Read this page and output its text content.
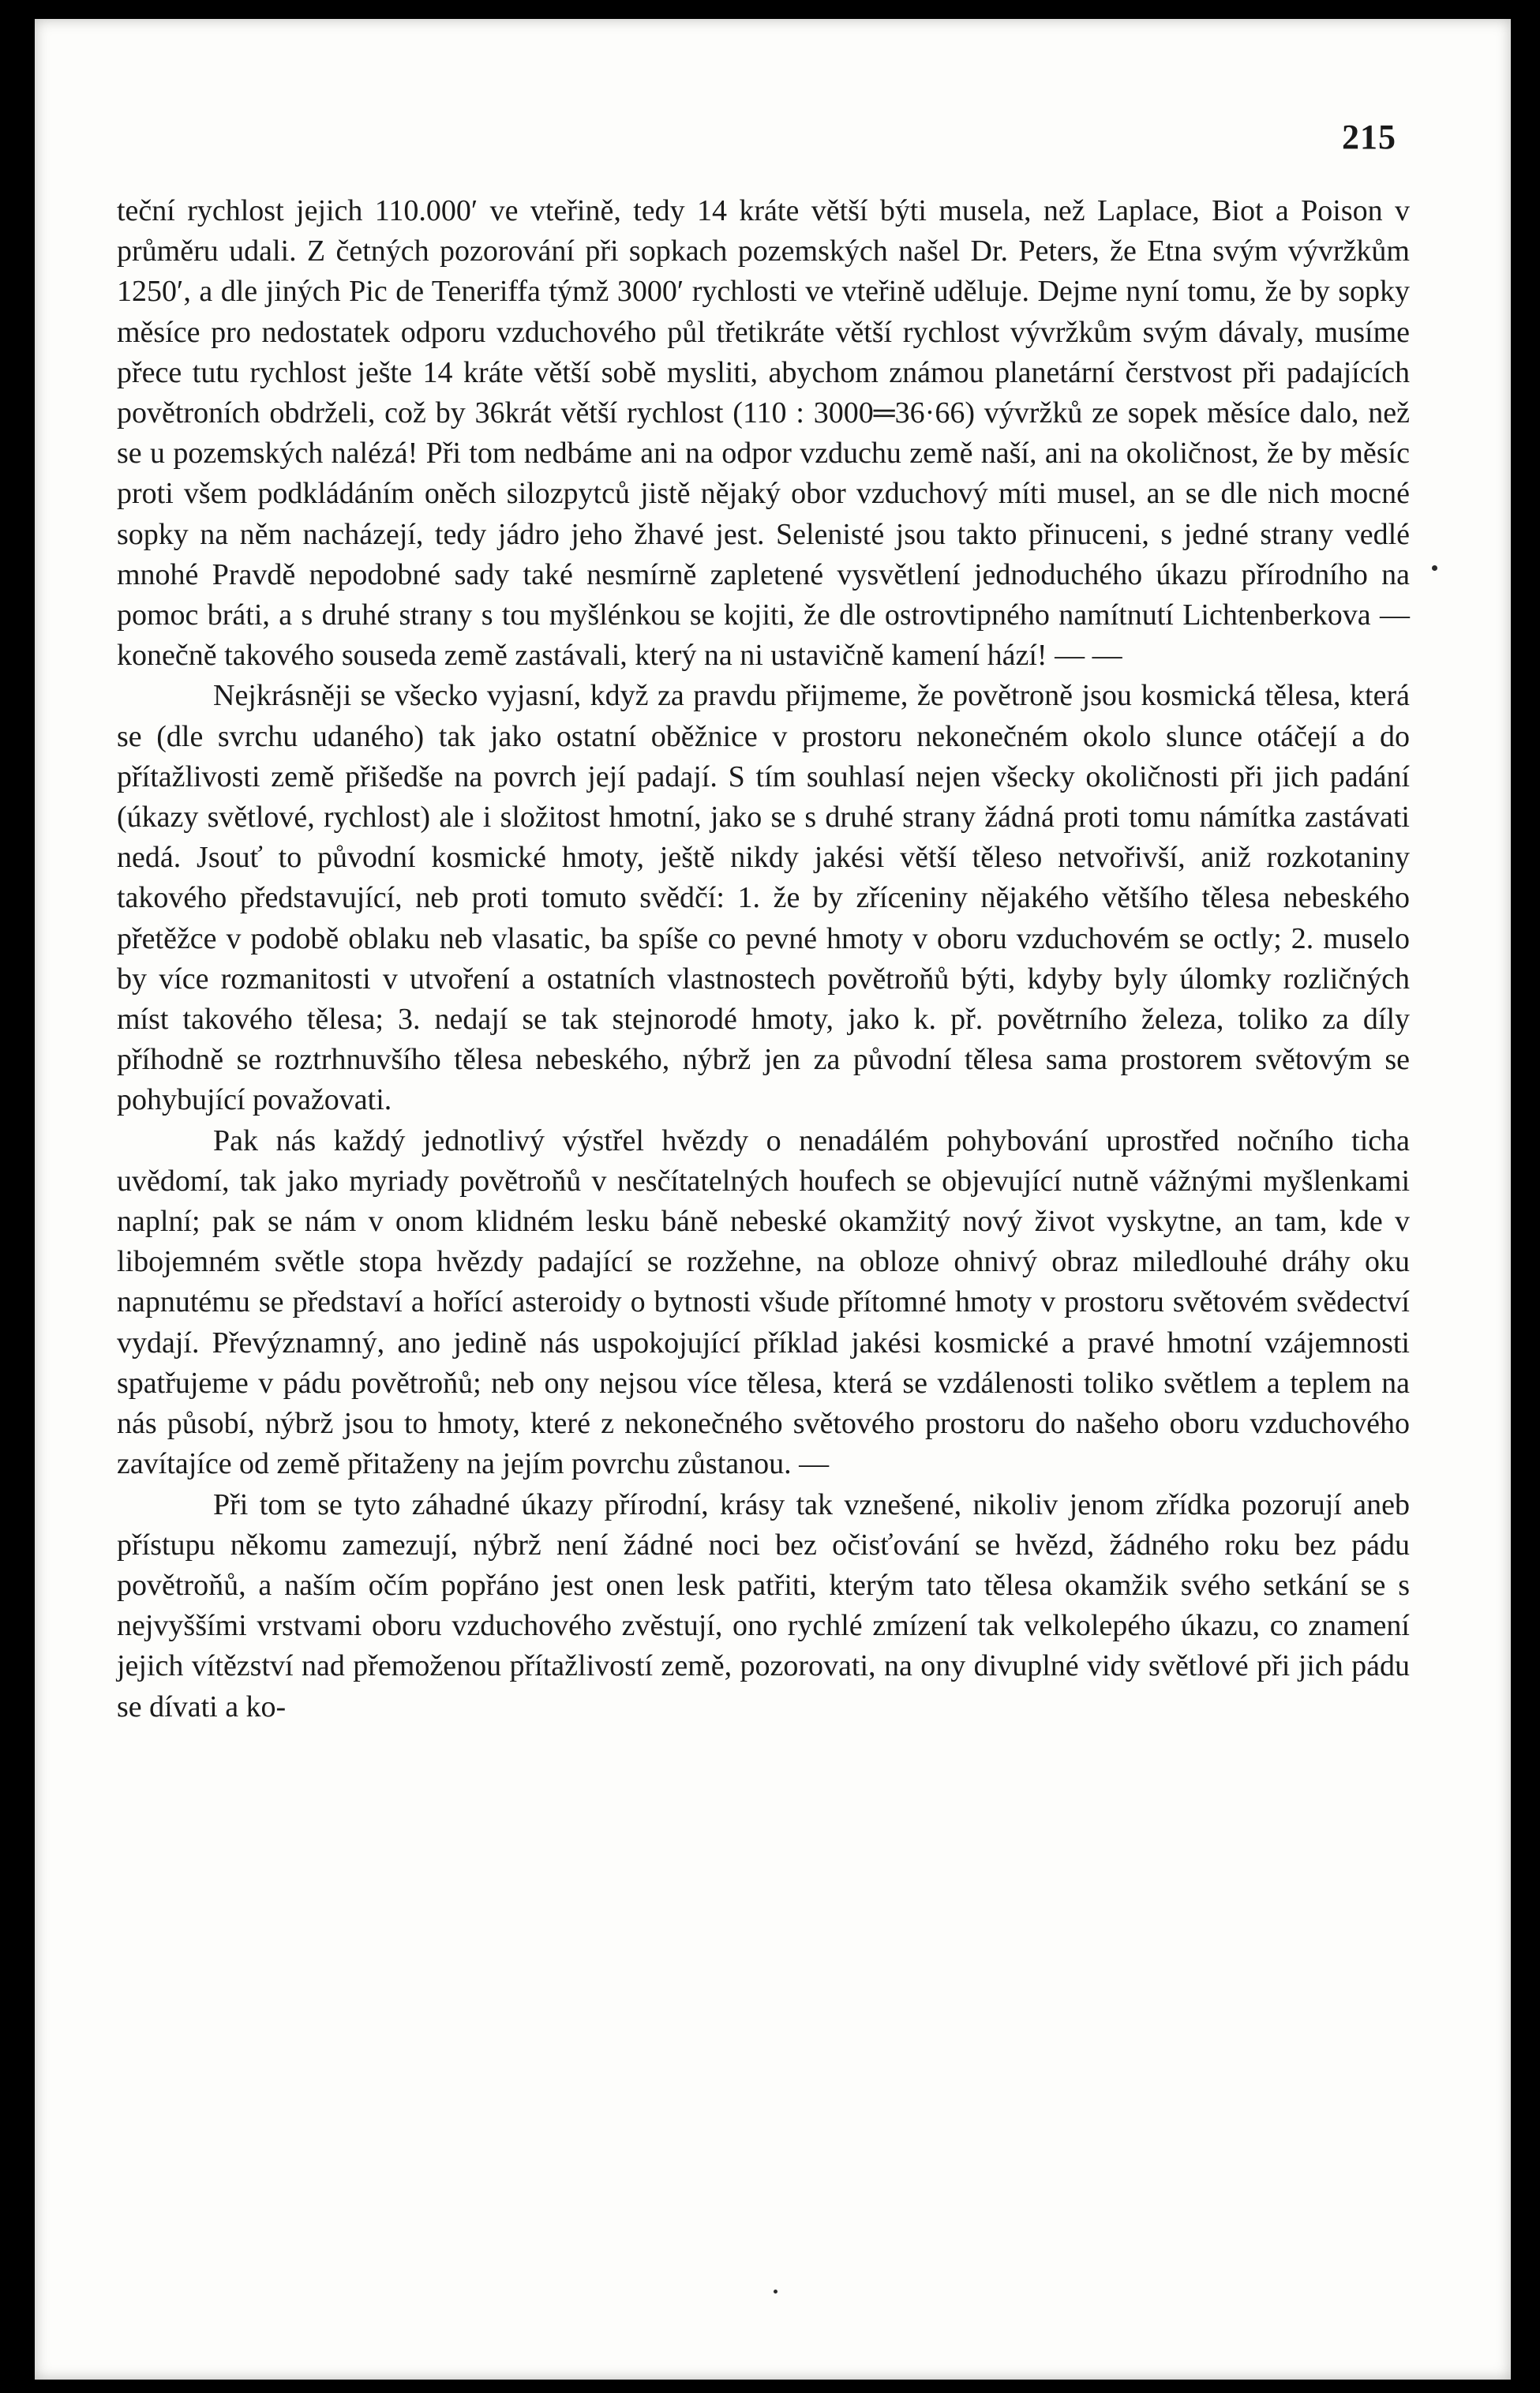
215

teční rychlost jejich 110.000′ ve vteřině, tedy 14 kráte větší býti musela, než Laplace, Biot a Poison v průměru udali. Z četných pozorování při sopkach pozemských našel Dr. Peters, že Etna svým vývržkům 1250′, a dle jiných Pic de Teneriffa týmž 3000′ rychlosti ve vteřině uděluje. Dejme nyní tomu, že by sopky měsíce pro nedostatek odporu vzduchového půl třetikráte větší rychlost vývržkům svým dávaly, musíme přece tutu rychlost ješte 14 kráte větší sobě mysliti, abychom známou planetární čerstvost při padajících povětroních obdrželi, což by 36krát větší rychlost (110 : 3000═36·66) vývržků ze sopek měsíce dalo, než se u pozemských nalézá! Při tom nedbáme ani na odpor vzduchu země naší, ani na okoličnost, že by měsíc proti všem podkládáním oněch silozpytců jistě nějaký obor vzduchový míti musel, an se dle nich mocné sopky na něm nacházejí, tedy jádro jeho žhavé jest. Selenisté jsou takto přinuceni, s jedné strany vedlé mnohé Pravdě nepodobné sady také nesmírně zapletené vysvětlení jednoduchého úkazu přírodního na pomoc bráti, a s druhé strany s tou myšlénkou se kojiti, že dle ostrovtipného namítnutí Lichtenberkova — konečně takového souseda země zastávali, který na ni ustavičně kamení hází! — —

Nejkrásněji se všecko vyjasní, když za pravdu přijmeme, že povětroně jsou kosmická tělesa, která se (dle svrchu udaného) tak jako ostatní oběžnice v prostoru nekonečném okolo slunce otáčejí a do přítažlivosti země přišedše na povrch její padají. S tím souhlasí nejen všecky okoličnosti při jich padání (úkazy světlové, rychlost) ale i složitost hmotní, jako se s druhé strany žádná proti tomu námítka zastávati nedá. Jsouť to původní kosmické hmoty, ještě nikdy jakési větší těleso netvořivší, aniž rozkotaniny takového představující, neb proti tomuto svědčí: 1. že by zříceniny nějakého většího tělesa nebeského přetěžce v podobě oblaku neb vlasatic, ba spíše co pevné hmoty v oboru vzduchovém se octly; 2. muselo by více rozmanitosti v utvoření a ostatních vlastnostech povětroňů býti, kdyby byly úlomky rozličných míst takového tělesa; 3. nedají se tak stejnorodé hmoty, jako k. př. povětrního železa, toliko za díly příhodně se roztrhnuvšího tělesa nebeského, nýbrž jen za původní tělesa sama prostorem světovým se pohybující považovati.

Pak nás každý jednotlivý výstřel hvězdy o nenadálém pohybování uprostřed nočního ticha uvědomí, tak jako myriady povětroňů v nesčítatelných houfech se objevující nutně vážnými myšlenkami naplní; pak se nám v onom klidném lesku báně nebeské okamžitý nový život vyskytne, an tam, kde v libojemném světle stopa hvězdy padající se rozžehne, na obloze ohnivý obraz miledlouhé dráhy oku napnutému se představí a hořící asteroidy o bytnosti všude přítomné hmoty v prostoru světovém svědectví vydají. Převýznamný, ano jedině nás uspokojující příklad jakési kosmické a pravé hmotní vzájemnosti spatřujeme v pádu povětroňů; neb ony nejsou více tělesa, která se vzdálenosti toliko světlem a teplem na nás působí, nýbrž jsou to hmoty, které z nekonečného světového prostoru do našeho oboru vzduchového zavítajíce od země přitaženy na jejím povrchu zůstanou. —

Při tom se tyto záhadné úkazy přírodní, krásy tak vznešené, nikoliv jenom zřídka pozorují aneb přístupu někomu zamezují, nýbrž není žádné noci bez očisťování se hvězd, žádného roku bez pádu povětroňů, a naším očím popřáno jest onen lesk patřiti, kterým tato tělesa okamžik svého setkání se s nejvyššími vrstvami oboru vzduchového zvěstují, ono rychlé zmízení tak velkolepého úkazu, co znamení jejich vítězství nad přemoženou přítažlivostí země, pozorovati, na ony divuplné vidy světlové při jich pádu se dívati a ko-
